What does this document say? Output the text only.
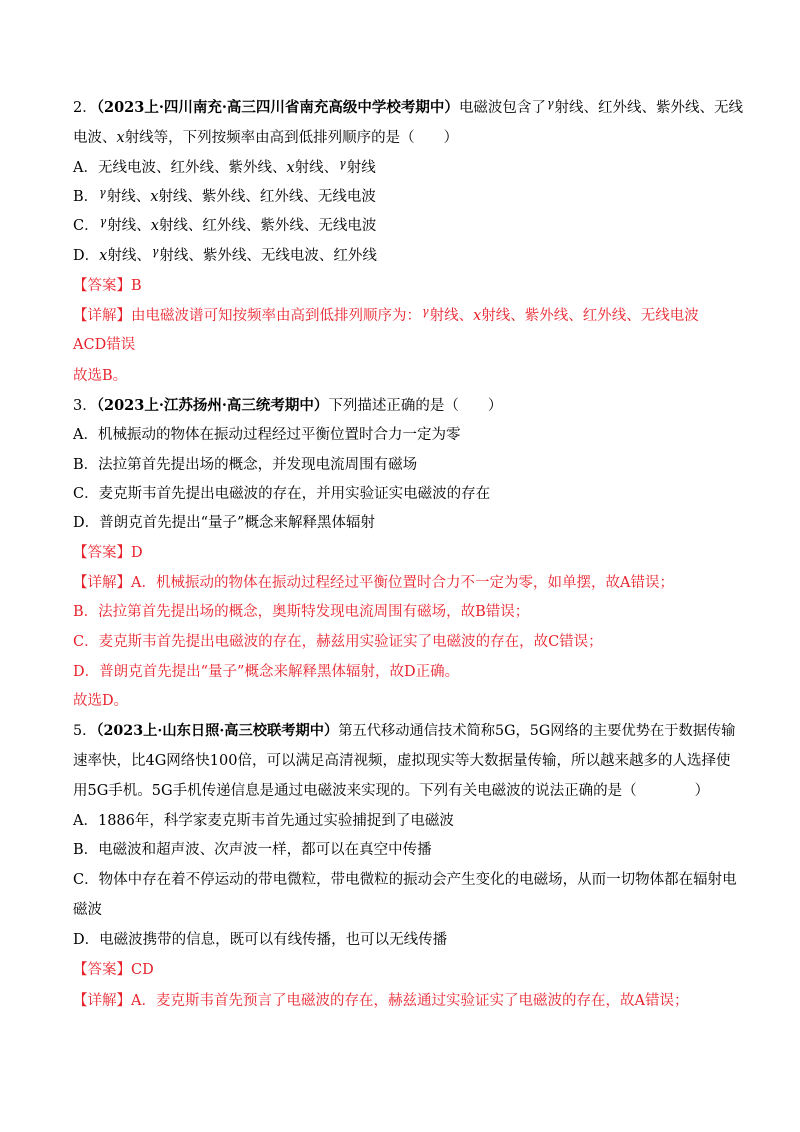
2．（2023上·四川南充·高三四川省南充高级中学校考期中）电磁波包含了$^\gamma$射线、红外线、紫外线、无线
电波、x射线等，下列按频率由高到低排列顺序的是（　　）
A．无线电波、红外线、紫外线、x射线、$^\gamma$射线
B．$^\gamma$射线、x射线、紫外线、红外线、无线电波
C．$^\gamma$射线、x射线、红外线、紫外线、无线电波
D．x射线、$^\gamma$射线、紫外线、无线电波、红外线
【答案】B
【详解】由电磁波谱可知按频率由高到低排列顺序为：$^\gamma$射线、x射线、紫外线、红外线、无线电波
ACD错误
故选B。
3．（2023上·江苏扬州·高三统考期中）下列描述正确的是（　　）
A．机械振动的物体在振动过程经过平衡位置时合力一定为零
B．法拉第首先提出场的概念，并发现电流周围有磁场
C．麦克斯韦首先提出电磁波的存在，并用实验证实电磁波的存在
D．普朗克首先提出“量子”概念来解释黑体辐射
【答案】D
【详解】A．机械振动的物体在振动过程经过平衡位置时合力不一定为零，如单摆，故A错误；
B．法拉第首先提出场的概念，奥斯特发现电流周围有磁场，故B错误；
C．麦克斯韦首先提出电磁波的存在，赫兹用实验证实了电磁波的存在，故C错误；
D．普朗克首先提出“量子”概念来解释黑体辐射，故D正确。
故选D。
5．（2023上·山东日照·高三校联考期中）第五代移动通信技术简称5G，5G网络的主要优势在于数据传输
速率快，比4G网络快100倍，可以满足高清视频，虚拟现实等大数据量传输，所以越来越多的人选择使
用5G手机。5G手机传递信息是通过电磁波来实现的。下列有关电磁波的说法正确的是（　　　　）
A．1886年，科学家麦克斯韦首先通过实验捕捉到了电磁波
B．电磁波和超声波、次声波一样，都可以在真空中传播
C．物体中存在着不停运动的带电微粒，带电微粒的振动会产生变化的电磁场，从而一切物体都在辐射电
磁波
D．电磁波携带的信息，既可以有线传播，也可以无线传播
【答案】CD
【详解】A．麦克斯韦首先预言了电磁波的存在，赫兹通过实验证实了电磁波的存在，故A错误；
